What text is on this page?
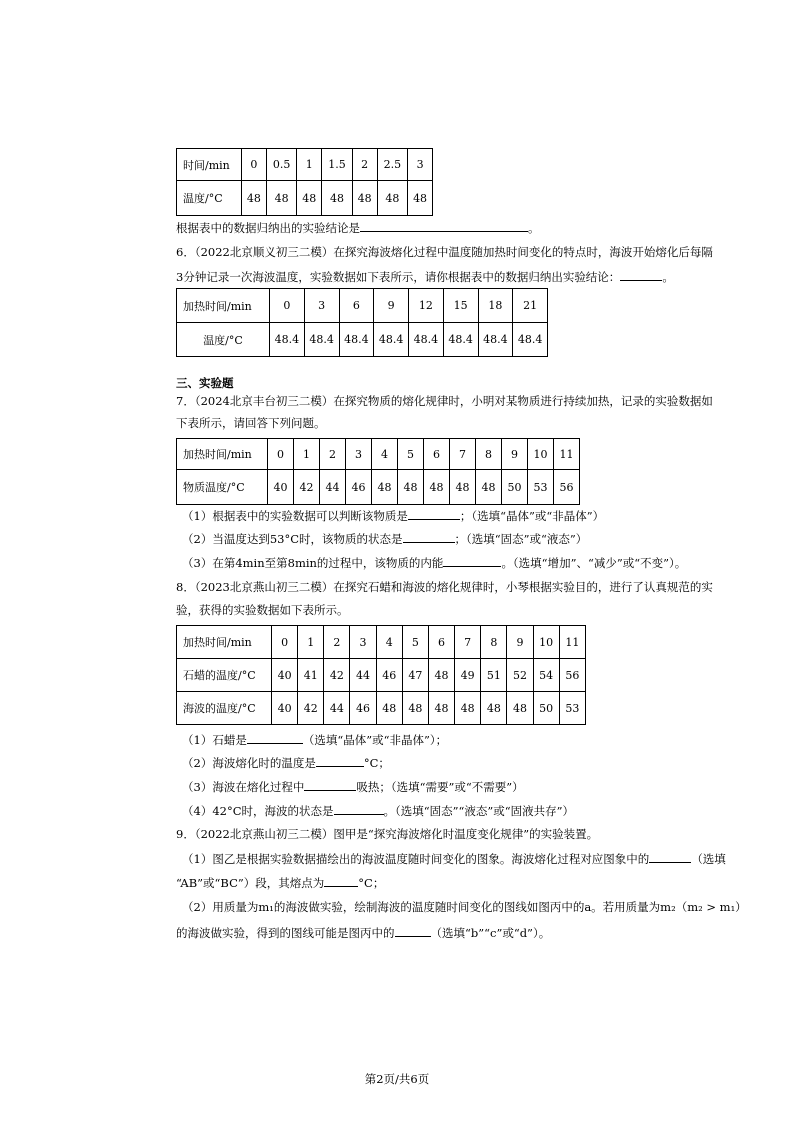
时间/min	0	0.5	1	1.5	2	2.5	3
温度/°C	48	48	48	48	48	48	48
根据表中的数据归纳出的实验结论是	。
6．（2022北京顺义初三二模）在探究海波熔化过程中温度随加热时间变化的特点时，海波开始熔化后每隔
3分钟记录一次海波温度，实验数据如下表所示，请你根据表中的数据归纳出实验结论：	。
加热时间/min	0	3	6	9	12	15	18	21
温度/°C	48.4	48.4	48.4	48.4	48.4	48.4	48.4	48.4
三、实验题
7．（2024北京丰台初三二模）在探究物质的熔化规律时，小明对某物质进行持续加热，记录的实验数据如
下表所示，请回答下列问题。
加热时间/min	0	1	2	3	4	5	6	7	8	9	10	11
物质温度/°C	40	42	44	46	48	48	48	48	48	50	53	56
（1）根据表中的实验数据可以判断该物质是	；（选填“晶体”或“非晶体”）
（2）当温度达到53°C时，该物质的状态是	；（选填“固态”或“液态”）
（3）在第4min至第8min的过程中，该物质的内能	。（选填“增加”、“减少”或“不变”）。
8．（2023北京燕山初三二模）在探究石蜡和海波的熔化规律时，小琴根据实验目的，进行了认真规范的实
验，获得的实验数据如下表所示。
加热时间/min	0	1	2	3	4	5	6	7	8	9	10	11
石蜡的温度/°C	40	41	42	44	46	47	48	49	51	52	54	56
海波的温度/°C	40	42	44	46	48	48	48	48	48	48	50	53
（1）石蜡是	（选填“晶体”或“非晶体”）；
（2）海波熔化时的温度是	°C；
（3）海波在熔化过程中	吸热；（选填“需要”或“不需要”）
（4）42°C时，海波的状态是	。（选填“固态”“液态”或“固液共存”）
9．（2022北京燕山初三二模）图甲是“探究海波熔化时温度变化规律”的实验装置。
（1）图乙是根据实验数据描绘出的海波温度随时间变化的图象。海波熔化过程对应图象中的	（选填
“AB”或“BC”）段，其熔点为	°C；
（2）用质量为m₁的海波做实验，绘制海波的温度随时间变化的图线如图丙中的a。若用质量为m₂（m₂ > m₁）
的海波做实验，得到的图线可能是图丙中的	（选填“b”“c”或“d”）。
第2页/共6页
